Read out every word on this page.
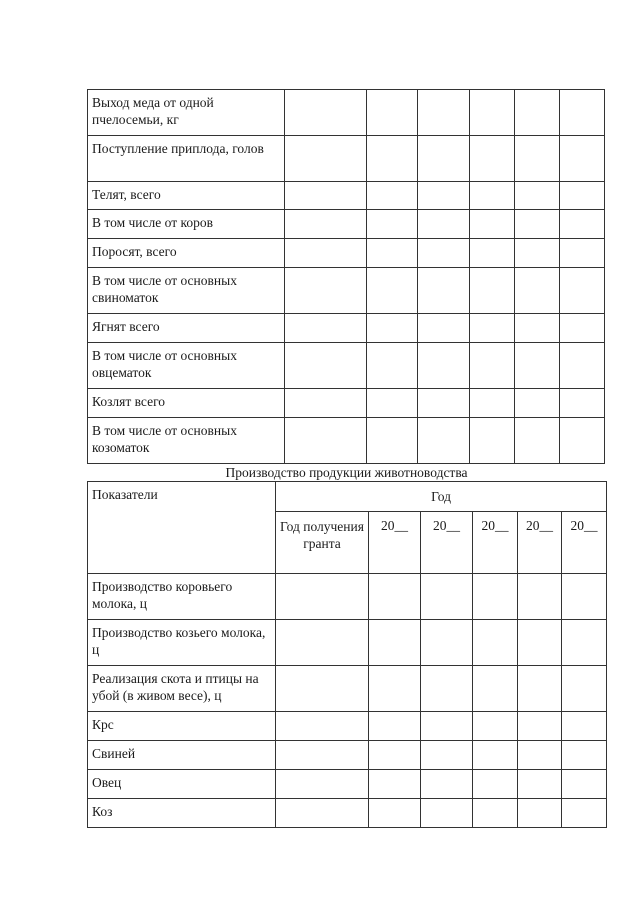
Выход меда от одной пчелосемьи, кг						
Поступление приплода, голов						
Телят, всего						
В том числе от коров						
Поросят, всего						
В том числе от основных свиноматок						
Ягнят всего						
В том числе от основных овцематок						
Козлят всего						
В том числе от основных козоматок						
Производство продукции животноводства
Показатели	Год					
	Год получения гранта	20__	20__	20__	20__	20__
Производство коровьего молока, ц						
Производство козьего молока, ц						
Реализация скота и птицы на убой (в живом весе), ц						
Крс						
Свиней						
Овец						
Коз						
